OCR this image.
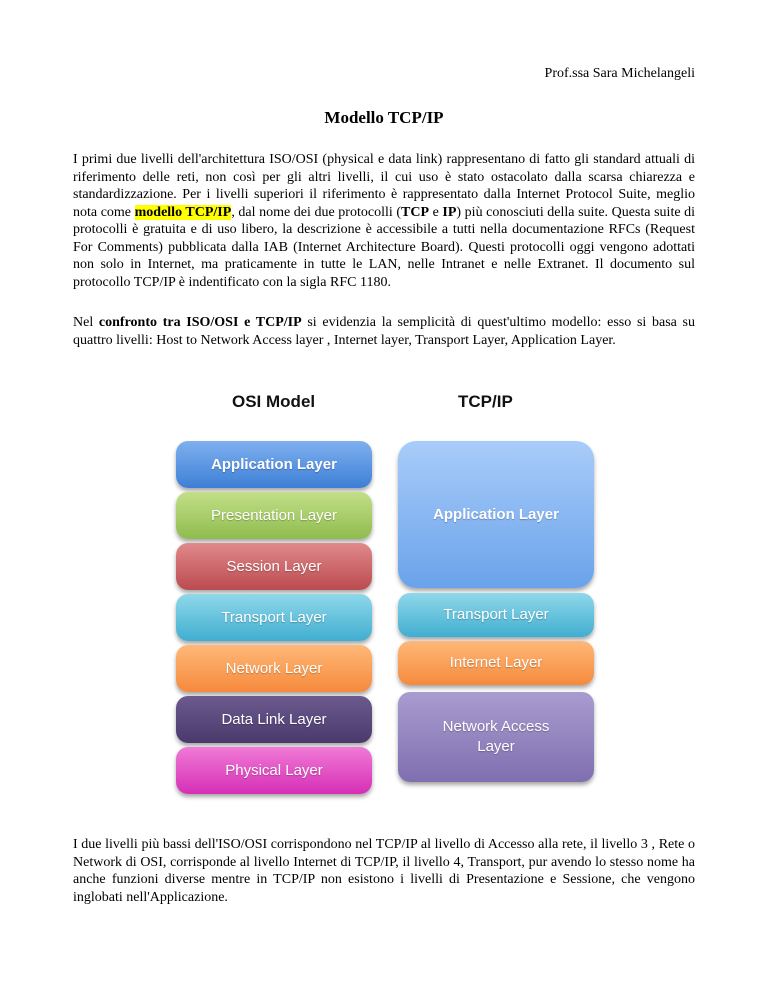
Prof.ssa Sara Michelangeli
Modello TCP/IP
I primi due livelli dell'architettura ISO/OSI (physical e data link) rappresentano di fatto gli standard attuali di riferimento delle reti, non così per gli altri livelli, il cui uso è stato ostacolato dalla scarsa chiarezza e standardizzazione. Per i livelli superiori il riferimento è rappresentato dalla Internet Protocol Suite, meglio nota come modello TCP/IP, dal nome dei due protocolli (TCP e IP) più conosciuti della suite. Questa suite di protocolli è gratuita e di uso libero, la descrizione è accessibile a tutti nella documentazione RFCs (Request For Comments) pubblicata dalla IAB (Internet Architecture Board). Questi protocolli oggi vengono adottati non solo in Internet, ma praticamente in tutte le LAN, nelle Intranet e nelle Extranet. Il documento sul protocollo TCP/IP è indentificato con la sigla RFC 1180.
Nel confronto tra ISO/OSI e TCP/IP si evidenzia la semplicità di quest'ultimo modello: esso si basa su quattro livelli: Host to Network Access layer , Internet layer, Transport Layer, Application Layer.
OSI Model	TCP/IP
Application Layer
Presentation Layer
Session Layer
Transport Layer
Network Layer
Data Link Layer
Physical Layer
Application Layer
Transport Layer
Internet Layer
Network Access Layer
I due livelli più bassi dell'ISO/OSI corrispondono nel TCP/IP al livello di Accesso alla rete, il livello 3 , Rete o Network di OSI, corrisponde al livello Internet di TCP/IP, il livello 4, Transport, pur avendo lo stesso nome ha anche funzioni diverse mentre in TCP/IP non esistono i livelli di Presentazione e Sessione, che vengono inglobati nell'Applicazione.
